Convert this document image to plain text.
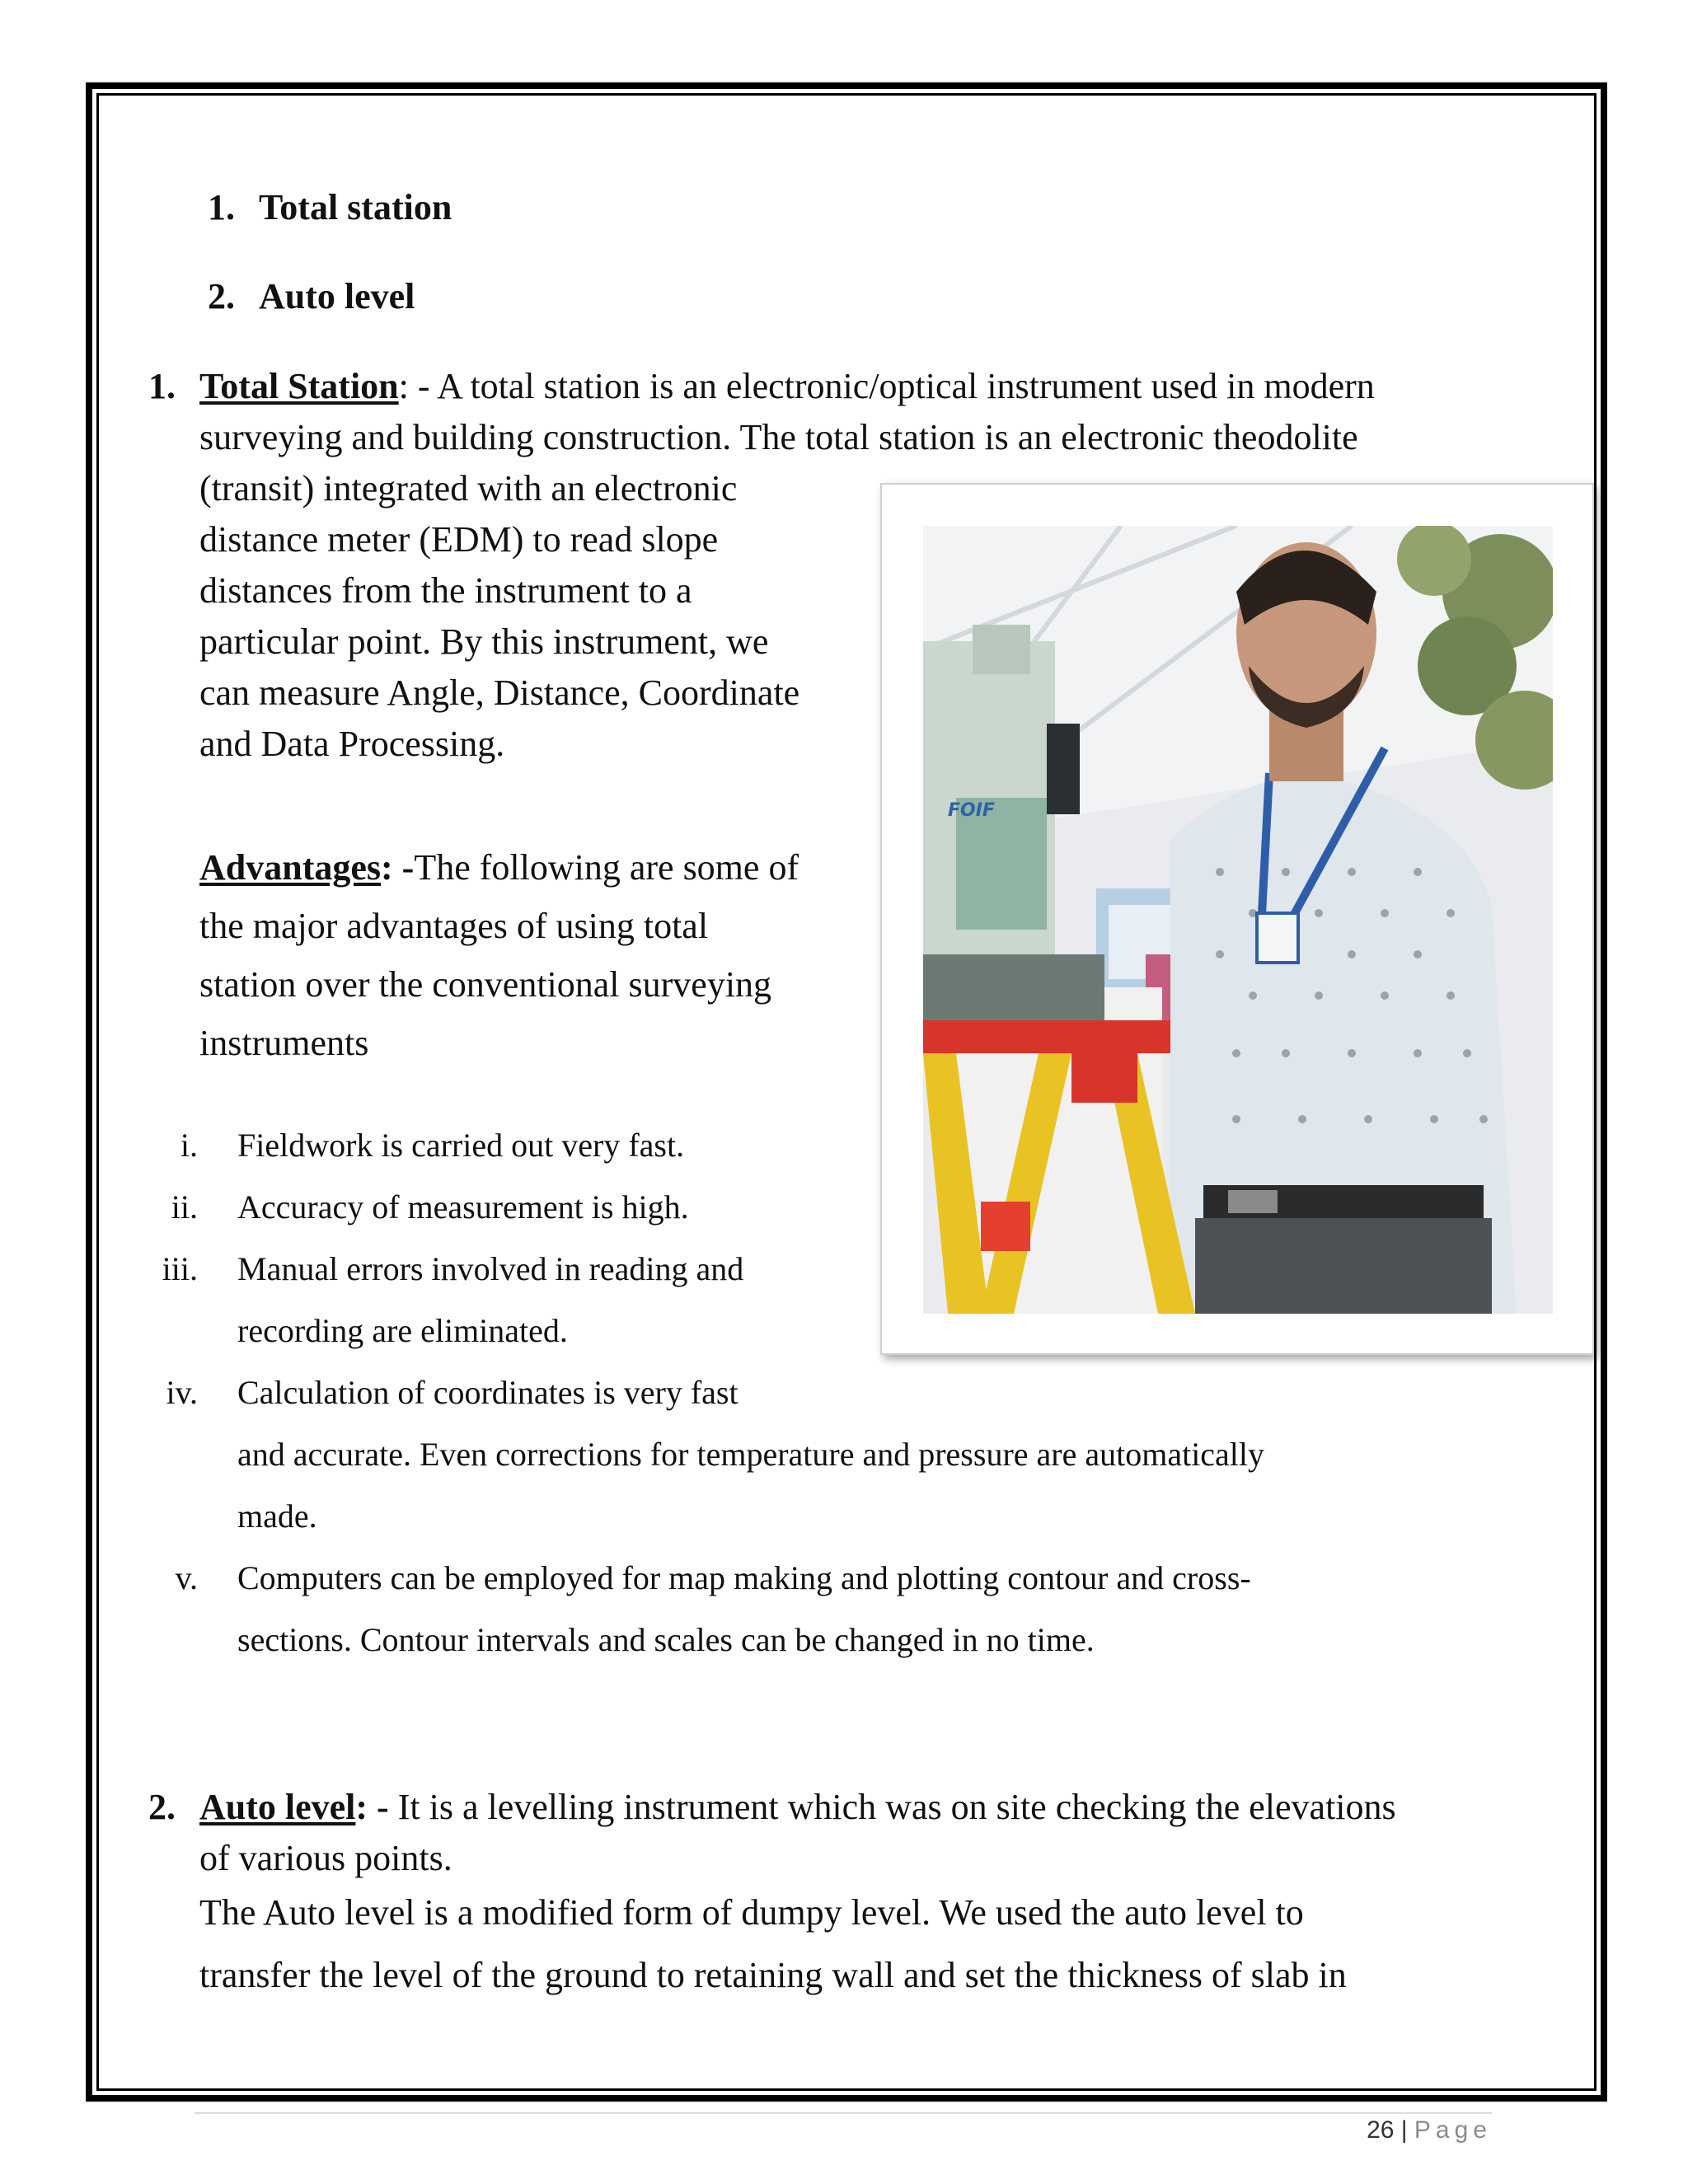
1. Total station
2. Auto level
1. Total Station: - A total station is an electronic/optical instrument used in modern
surveying and building construction. The total station is an electronic theodolite
(transit) integrated with an electronic
distance meter (EDM) to read slope
distances from the instrument to a
particular point. By this instrument, we
can measure Angle, Distance, Coordinate
and Data Processing.
Advantages: -The following are some of
the major advantages of using total
station over the conventional surveying
instruments
i. Fieldwork is carried out very fast.
ii. Accuracy of measurement is high.
iii. Manual errors involved in reading and
recording are eliminated.
iv. Calculation of coordinates is very fast
and accurate. Even corrections for temperature and pressure are automatically
made.
v. Computers can be employed for map making and plotting contour and cross-
sections. Contour intervals and scales can be changed in no time.
2. Auto level: - It is a levelling instrument which was on site checking the elevations
of various points.
The Auto level is a modified form of dumpy level. We used the auto level to
transfer the level of the ground to retaining wall and set the thickness of slab in
FOIF
26 | Page
